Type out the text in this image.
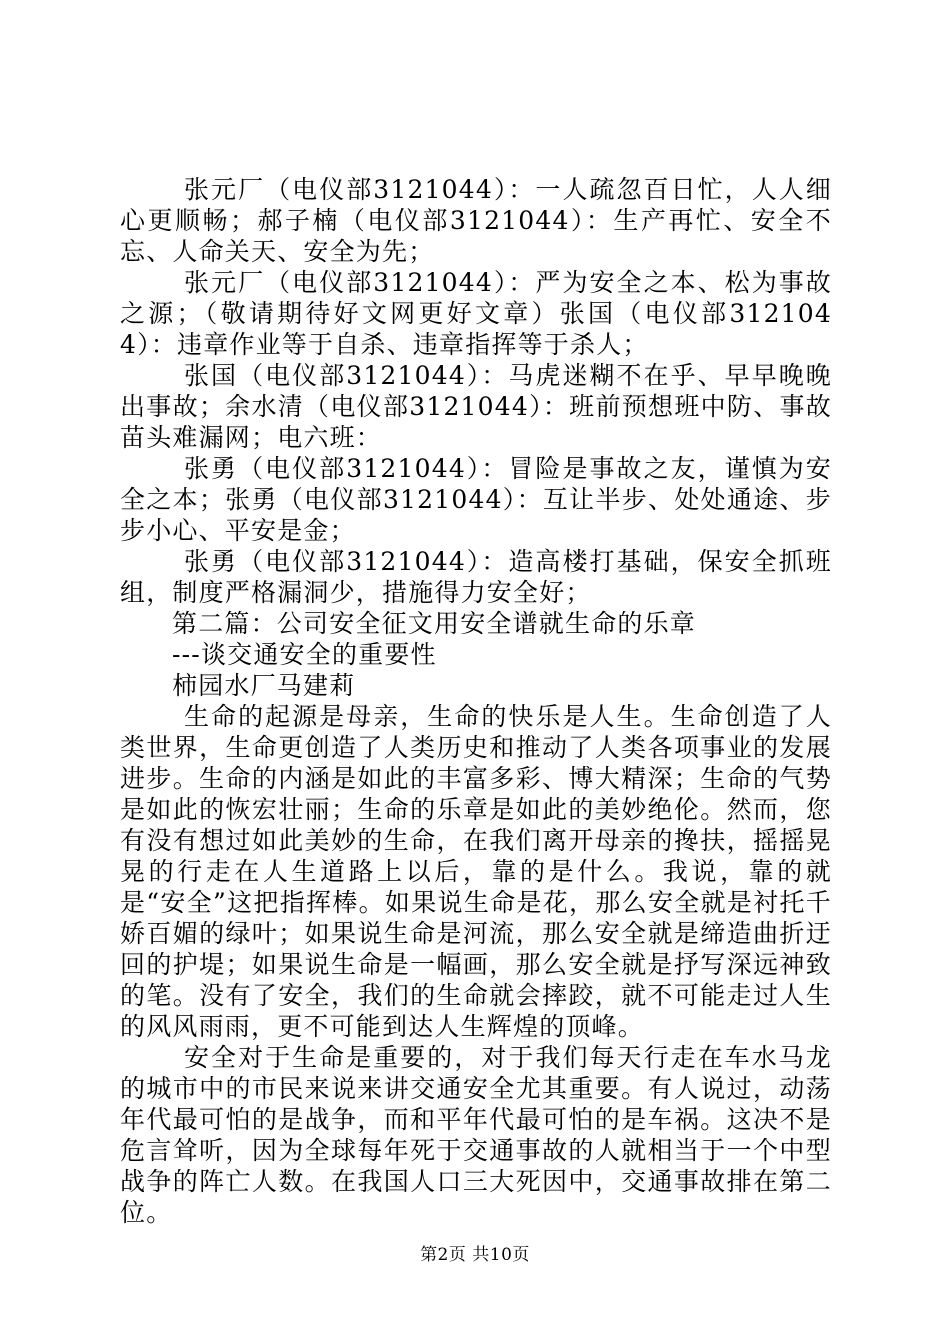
张元厂（电仪部3121044）：一人疏忽百日忙，人人细心更顺畅；郝子楠（电仪部3121044）：生产再忙、安全不忘、人命关天、安全为先；

张元厂（电仪部3121044）：严为安全之本、松为事故之源；（敬请期待好文网更好文章）张国（电仪部3121044）：违章作业等于自杀、违章指挥等于杀人；

张国（电仪部3121044）：马虎迷糊不在乎、早早晚晚出事故；余水清（电仪部3121044）：班前预想班中防、事故苗头难漏网；电六班：

张勇（电仪部3121044）：冒险是事故之友，谨慎为安全之本；张勇（电仪部3121044）：互让半步、处处通途、步步小心、平安是金；

张勇（电仪部3121044）：造高楼打基础，保安全抓班组，制度严格漏洞少，措施得力安全好；

第二篇：公司安全征文用安全谱就生命的乐章

---谈交通安全的重要性

柿园水厂马建莉

生命的起源是母亲，生命的快乐是人生。生命创造了人类世界，生命更创造了人类历史和推动了人类各项事业的发展进步。生命的内涵是如此的丰富多彩、博大精深；生命的气势是如此的恢宏壮丽；生命的乐章是如此的美妙绝伦。然而，您有没有想过如此美妙的生命，在我们离开母亲的搀扶，摇摇晃晃的行走在人生道路上以后，靠的是什么。我说，靠的就是“安全”这把指挥棒。如果说生命是花，那么安全就是衬托千娇百媚的绿叶；如果说生命是河流，那么安全就是缔造曲折迂回的护堤；如果说生命是一幅画，那么安全就是抒写深远神致的笔。没有了安全，我们的生命就会摔跤，就不可能走过人生的风风雨雨，更不可能到达人生辉煌的顶峰。

安全对于生命是重要的，对于我们每天行走在车水马龙的城市中的市民来说来讲交通安全尤其重要。有人说过，动荡年代最可怕的是战争，而和平年代最可怕的是车祸。这决不是危言耸听，因为全球每年死于交通事故的人就相当于一个中型战争的阵亡人数。在我国人口三大死因中，交通事故排在第二位。

第2页 共10页
